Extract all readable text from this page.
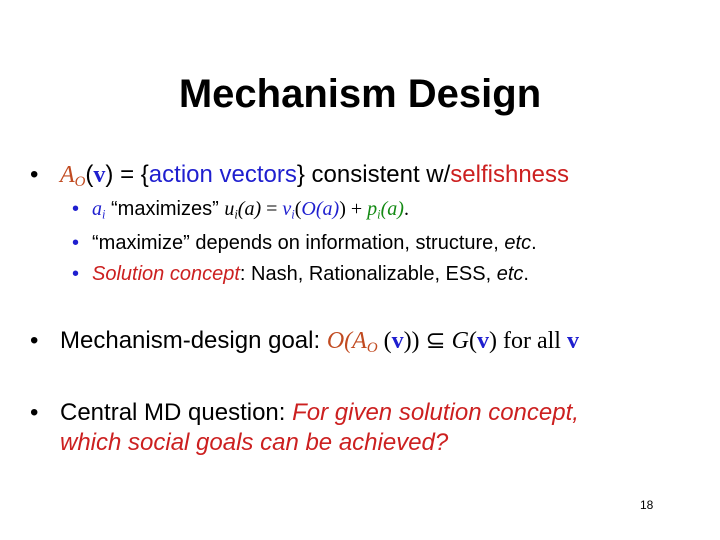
Mechanism Design
• $A_O(v)$ = {action vectors} consistent w/selfishness
• $a_i$ “maximizes” $u_i(a) = v_i(O(a)) + p_i(a)$.
• “maximize” depends on information, structure, etc.
• Solution concept: Nash, Rationalizable, ESS, etc.
• Mechanism-design goal: $O(A_O$ (v)) ⊆ G(v) for all v
• Central MD question: For given solution concept,
which social goals can be achieved?
18
